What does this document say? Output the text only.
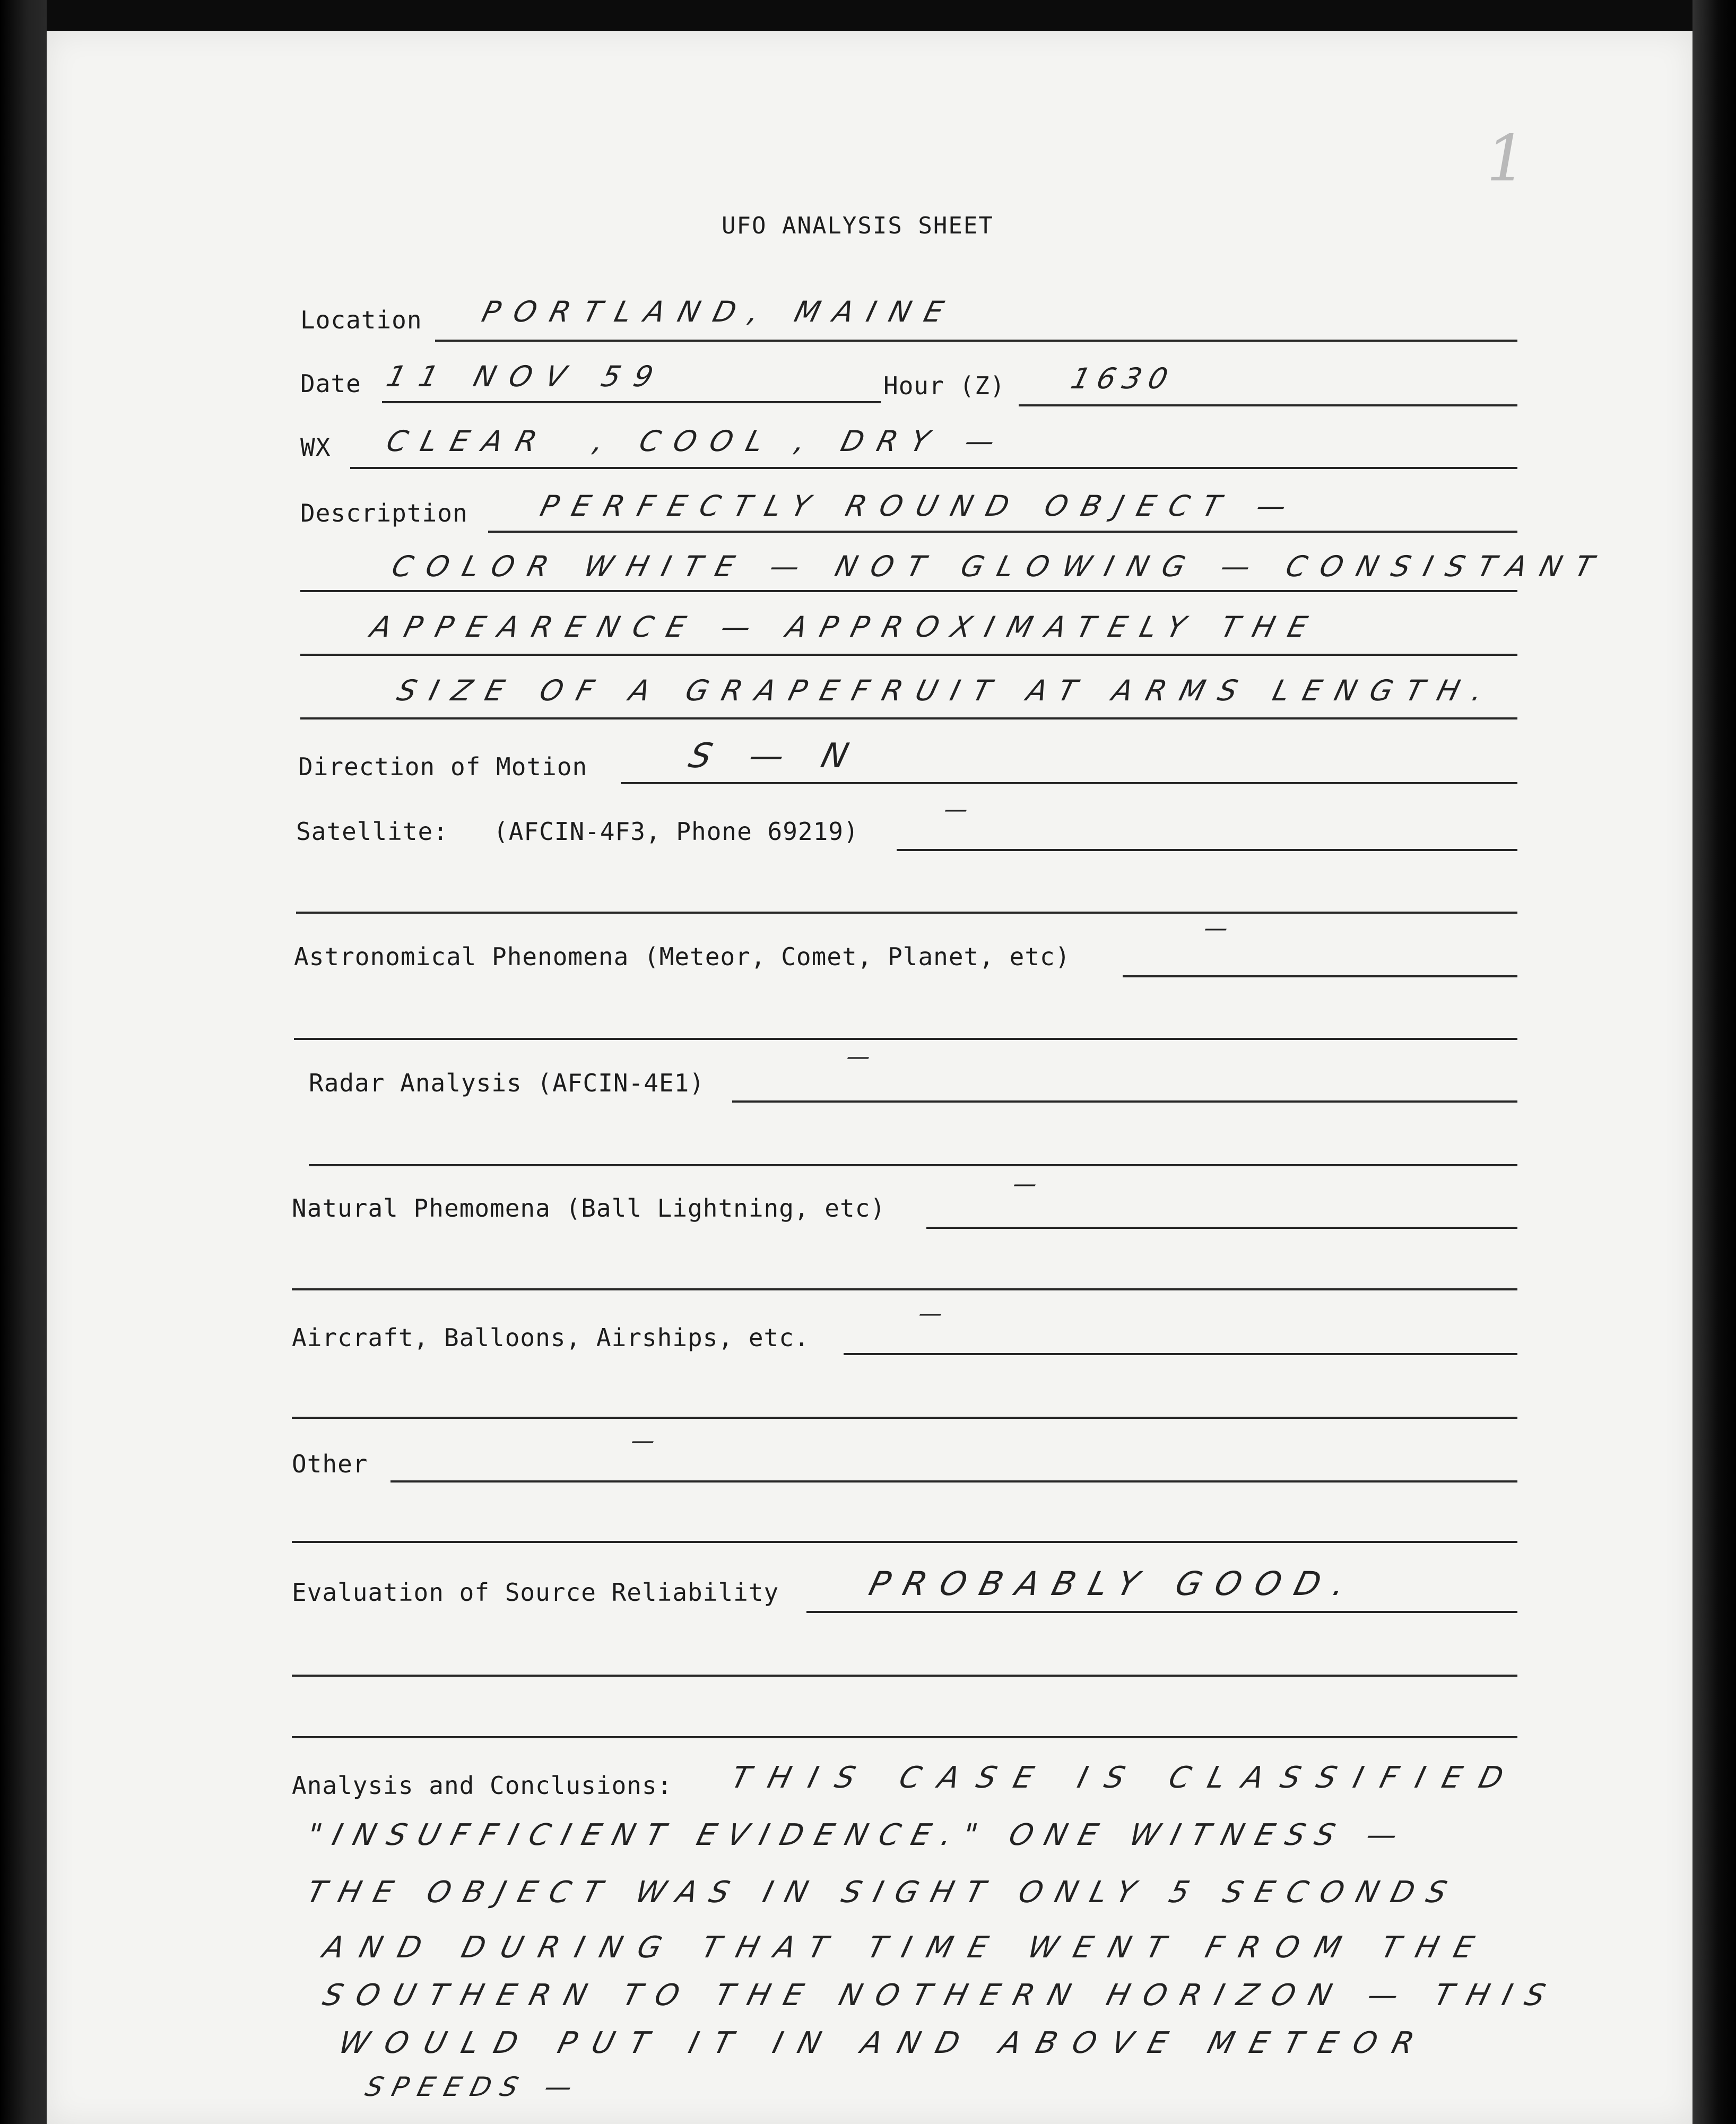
1
UFO ANALYSIS SHEET
Location PORTLAND, MAINE
Date 11 NOV 59	Hour (Z) 1630
WX CLEAR , COOL , DRY —
Description PERFECTLY ROUND OBJECT —
COLOR WHITE — NOT GLOWING — CONSISTANT
APPEARENCE — APPROXIMATELY THE
SIZE OF A GRAPEFRUIT AT ARMS LENGTH.
Direction of Motion	S — N
Satellite: (AFCIN-4F3, Phone 69219)
—
Astronomical Phenomena (Meteor, Comet, Planet, etc)
—
Radar Analysis (AFCIN-4E1)
—
Natural Phemomena (Ball Lightning, etc)
—
Aircraft, Balloons, Airships, etc.
—
Other
—
Evaluation of Source Reliability	PROBABLY GOOD.
Analysis and Conclusions: THIS CASE IS CLASSIFIED
"INSUFFICIENT EVIDENCE." ONE WITNESS —
THE OBJECT WAS IN SIGHT ONLY 5 SECONDS
AND DURING THAT TIME WENT FROM THE
SOUTHERN TO THE NOTHERN HORIZON — THIS
WOULD PUT IT IN AND ABOVE METEOR
SPEEDS —
